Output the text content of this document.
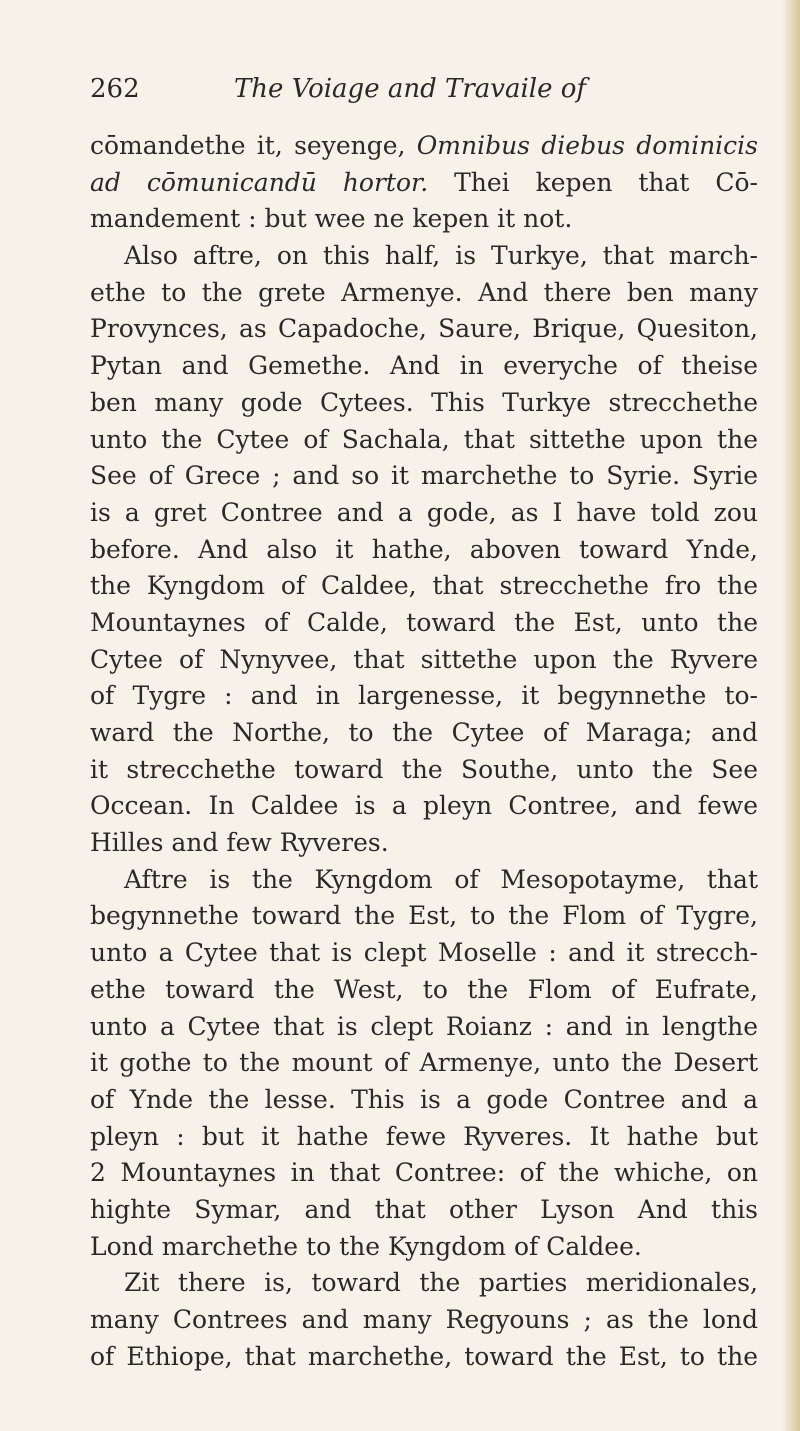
262	The Voiage and Travaile of
cōmandethe it, seyenge, Omnibus diebus dominicis
ad cōmunicandū hortor. Thei kepen that Cō-
mandement : but wee ne kepen it not.
Also aftre, on this half, is Turkye, that march-
ethe to the grete Armenye. And there ben many
Provynces, as Capadoche, Saure, Brique, Quesiton,
Pytan and Gemethe. And in everyche of theise
ben many gode Cytees. This Turkye strecchethe
unto the Cytee of Sachala, that sittethe upon the
See of Grece ; and so it marchethe to Syrie. Syrie
is a gret Contree and a gode, as I have told zou
before. And also it hathe, aboven toward Ynde,
the Kyngdom of Caldee, that strecchethe fro the
Mountaynes of Calde, toward the Est, unto the
Cytee of Nynyvee, that sittethe upon the Ryvere
of Tygre : and in largenesse, it begynnethe to-
ward the Northe, to the Cytee of Maraga; and
it strecchethe toward the Southe, unto the See
Occean. In Caldee is a pleyn Contree, and fewe
Hilles and few Ryveres.
Aftre is the Kyngdom of Mesopotayme, that
begynnethe toward the Est, to the Flom of Tygre,
unto a Cytee that is clept Moselle : and it strecch-
ethe toward the West, to the Flom of Eufrate,
unto a Cytee that is clept Roianz : and in lengthe
it gothe to the mount of Armenye, unto the Desert
of Ynde the lesse. This is a gode Contree and a
pleyn : but it hathe fewe Ryveres. It hathe but
2 Mountaynes in that Contree: of the whiche, on
highte Symar, and that other Lyson And this
Lond marchethe to the Kyngdom of Caldee.
Zit there is, toward the parties meridionales,
many Contrees and many Regyouns ; as the lond
of Ethiope, that marchethe, toward the Est, to the
